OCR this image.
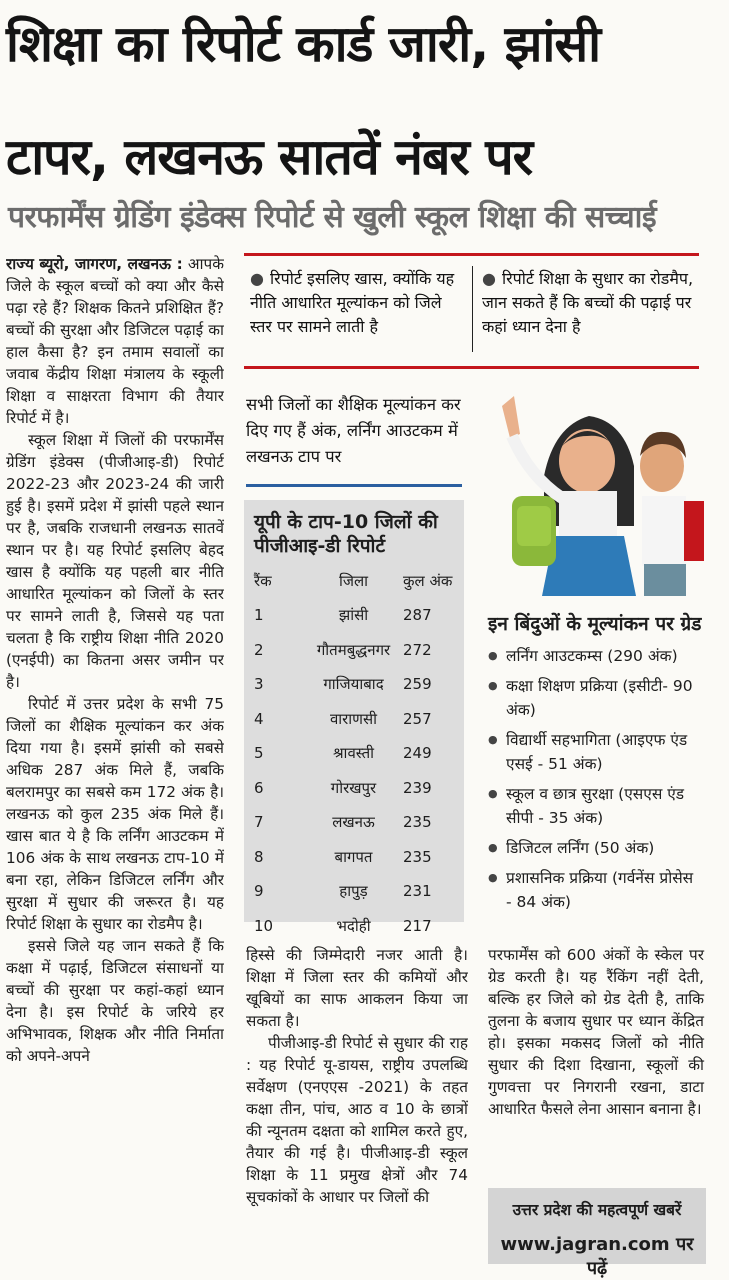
शिक्षा का रिपोर्ट कार्ड जारी, झांसी
टापर, लखनऊ सातवें नंबर पर
परफार्मेंस ग्रेडिंग इंडेक्स रिपोर्ट से खुली स्कूल शिक्षा की सच्चाई

राज्य ब्यूरो, जागरण, लखनऊ : आपके जिले के स्कूल बच्चों को क्या और कैसे पढ़ा रहे हैं? शिक्षक कितने प्रशिक्षित हैं? बच्चों की सुरक्षा और डिजिटल पढ़ाई का हाल कैसा है? इन तमाम सवालों का जवाब केंद्रीय शिक्षा मंत्रालय के स्कूली शिक्षा व साक्षरता विभाग की तैयार रिपोर्ट में है।

स्कूल शिक्षा में जिलों की परफार्मेंस ग्रेडिंग इंडेक्स (पीजीआइ-डी) रिपोर्ट 2022-23 और 2023-24 की जारी हुई है। इसमें प्रदेश में झांसी पहले स्थान पर है, जबकि राजधानी लखनऊ सातवें स्थान पर है। यह रिपोर्ट इसलिए बेहद खास है क्योंकि यह पहली बार नीति आधारित मूल्यांकन को जिलों के स्तर पर सामने लाती है, जिससे यह पता चलता है कि राष्ट्रीय शिक्षा नीति 2020 (एनईपी) का कितना असर जमीन पर है।

रिपोर्ट में उत्तर प्रदेश के सभी 75 जिलों का शैक्षिक मूल्यांकन कर अंक दिया गया है। इसमें झांसी को सबसे अधिक 287 अंक मिले हैं, जबकि बलरामपुर का सबसे कम 172 अंक है। लखनऊ को कुल 235 अंक मिले हैं। खास बात ये है कि लर्निंग आउटकम में 106 अंक के साथ लखनऊ टाप-10 में बना रहा, लेकिन डिजिटल लर्निंग और सुरक्षा में सुधार की जरूरत है। यह रिपोर्ट शिक्षा के सुधार का रोडमैप है।

इससे जिले यह जान सकते हैं कि कक्षा में पढ़ाई, डिजिटल संसाधनों या बच्चों की सुरक्षा पर कहां-कहां ध्यान देना है। इस रिपोर्ट के जरिये हर अभिभावक, शिक्षक और नीति निर्माता को अपने-अपने

● रिपोर्ट इसलिए खास, क्योंकि यह नीति आधारित मूल्यांकन को जिले स्तर पर सामने लाती है
● रिपोर्ट शिक्षा के सुधार का रोडमैप, जान सकते हैं कि बच्चों की पढ़ाई पर कहां ध्यान देना है
सभी जिलों का शैक्षिक मूल्यांकन कर दिए गए हैं अंक, लर्निंग आउटकम में लखनऊ टाप पर
यूपी के टाप-10 जिलों की पीजीआइ-डी रिपोर्ट
रैंक	जिला	कुल अंक
1	झांसी	287
2	गौतमबुद्धनगर	272
3	गाजियाबाद	259
4	वाराणसी	257
5	श्रावस्ती	249
6	गोरखपुर	239
7	लखनऊ	235
8	बागपत	235
9	हापुड़	231
10	भदोही	217
इन बिंदुओं के मूल्यांकन पर ग्रेड
● लर्निंग आउटकम्स (290 अंक)
● कक्षा शिक्षण प्रक्रिया (इसीटी- 90 अंक)
● विद्यार्थी सहभागिता (आइएफ एंड एसई - 51 अंक)
● स्कूल व छात्र सुरक्षा (एसएस एंड सीपी - 35 अंक)
● डिजिटल लर्निंग (50 अंक)
● प्रशासनिक प्रक्रिया (गर्वनेंस प्रोसेस - 84 अंक)

हिस्से की जिम्मेदारी नजर आती है। शिक्षा में जिला स्तर की कमियों और खूबियों का साफ आकलन किया जा सकता है।

पीजीआइ-डी रिपोर्ट से सुधार की राह : यह रिपोर्ट यू-डायस, राष्ट्रीय उपलब्धि सर्वेक्षण (एनएएस -2021) के तहत कक्षा तीन, पांच, आठ व 10 के छात्रों की न्यूनतम दक्षता को शामिल करते हुए, तैयार की गई है। पीजीआइ-डी स्कूल शिक्षा के 11 प्रमुख क्षेत्रों और 74 सूचकांकों के आधार पर जिलों की

परफार्मेंस को 600 अंकों के स्केल पर ग्रेड करती है। यह रैंकिंग नहीं देती, बल्कि हर जिले को ग्रेड देती है, ताकि तुलना के बजाय सुधार पर ध्यान केंद्रित हो। इसका मकसद जिलों को नीति सुधार की दिशा दिखाना, स्कूलों की गुणवत्ता पर निगरानी रखना, डाटा आधारित फैसले लेना आसान बनाना है।

उत्तर प्रदेश की महत्वपूर्ण खबरें
www.jagran.com पर पढ़ें
